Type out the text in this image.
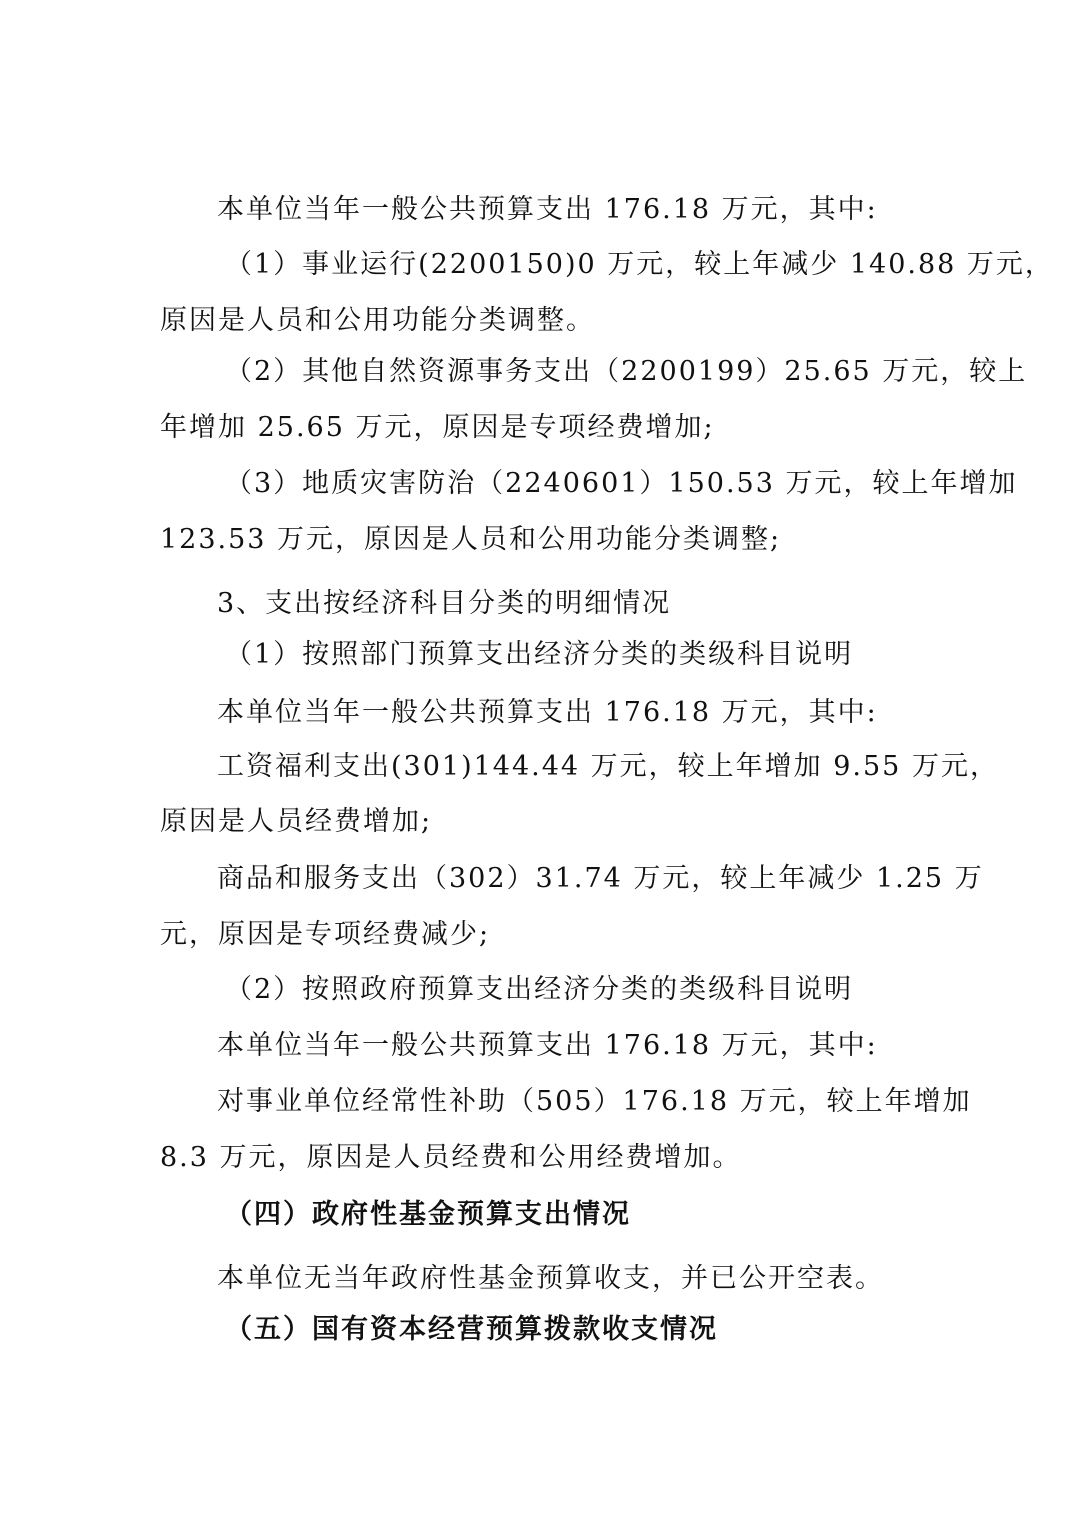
本单位当年一般公共预算支出 176.18 万元，其中:
（1）事业运行(2200150)0 万元，较上年减少 140.88 万元，
原因是人员和公用功能分类调整。
（2）其他自然资源事务支出（2200199）25.65 万元，较上
年增加 25.65 万元，原因是专项经费增加;
（3）地质灾害防治（2240601）150.53 万元，较上年增加
123.53 万元，原因是人员和公用功能分类调整;
3、支出按经济科目分类的明细情况
（1）按照部门预算支出经济分类的类级科目说明
本单位当年一般公共预算支出 176.18 万元，其中:
工资福利支出(301)144.44 万元，较上年增加 9.55 万元，
原因是人员经费增加;
商品和服务支出（302）31.74 万元，较上年减少 1.25 万
元，原因是专项经费减少;
（2）按照政府预算支出经济分类的类级科目说明
本单位当年一般公共预算支出 176.18 万元，其中:
对事业单位经常性补助（505）176.18 万元，较上年增加
8.3 万元，原因是人员经费和公用经费增加。
（四）政府性基金预算支出情况
本单位无当年政府性基金预算收支，并已公开空表。
（五）国有资本经营预算拨款收支情况
